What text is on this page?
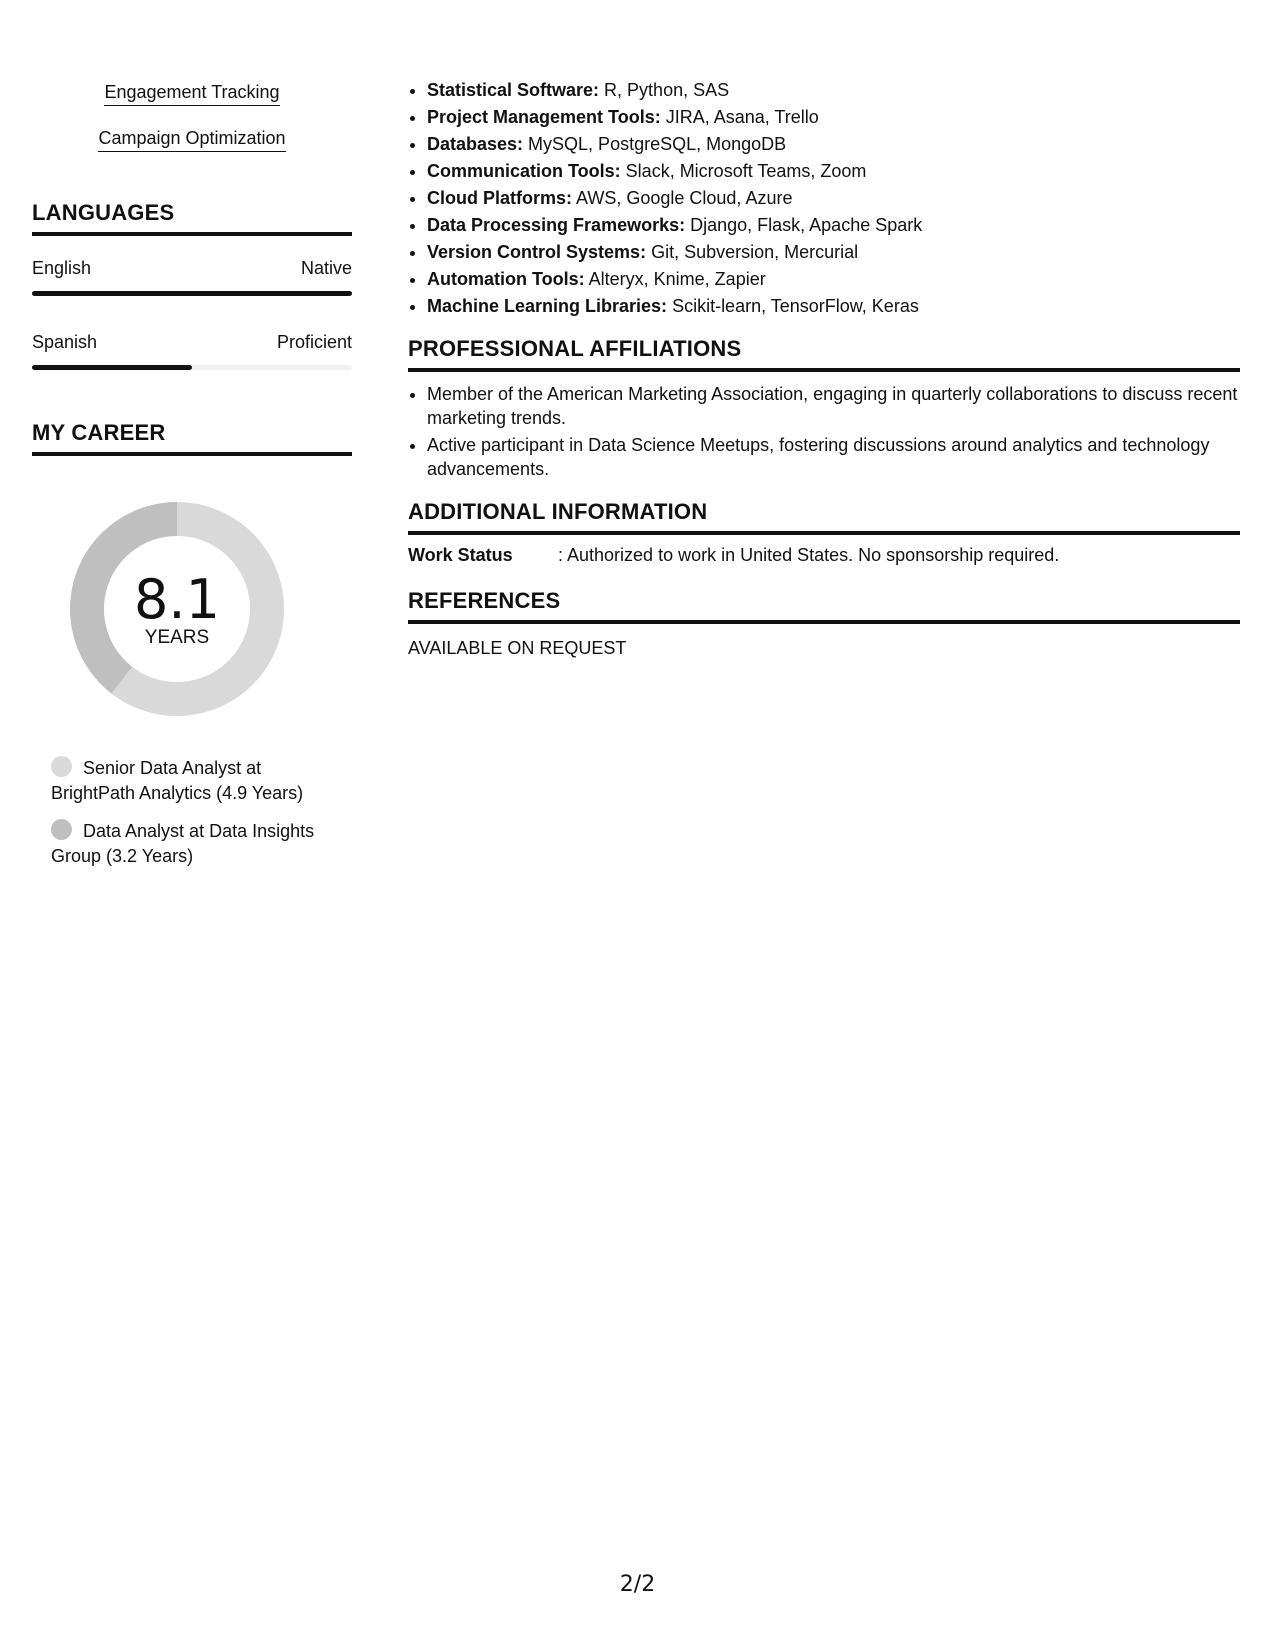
Engagement Tracking
Campaign Optimization
LANGUAGES
English	Native
Spanish	Proficient
MY CAREER
8.1
YEARS
Senior Data Analyst at BrightPath Analytics (4.9 Years)
Data Analyst at Data Insights Group (3.2 Years)
• Statistical Software: R, Python, SAS
• Project Management Tools: JIRA, Asana, Trello
• Databases: MySQL, PostgreSQL, MongoDB
• Communication Tools: Slack, Microsoft Teams, Zoom
• Cloud Platforms: AWS, Google Cloud, Azure
• Data Processing Frameworks: Django, Flask, Apache Spark
• Version Control Systems: Git, Subversion, Mercurial
• Automation Tools: Alteryx, Knime, Zapier
• Machine Learning Libraries: Scikit-learn, TensorFlow, Keras
PROFESSIONAL AFFILIATIONS
• Member of the American Marketing Association, engaging in quarterly collaborations to discuss recent marketing trends.
• Active participant in Data Science Meetups, fostering discussions around analytics and technology advancements.
ADDITIONAL INFORMATION
Work Status	: Authorized to work in United States. No sponsorship required.
REFERENCES
AVAILABLE ON REQUEST
2/2
